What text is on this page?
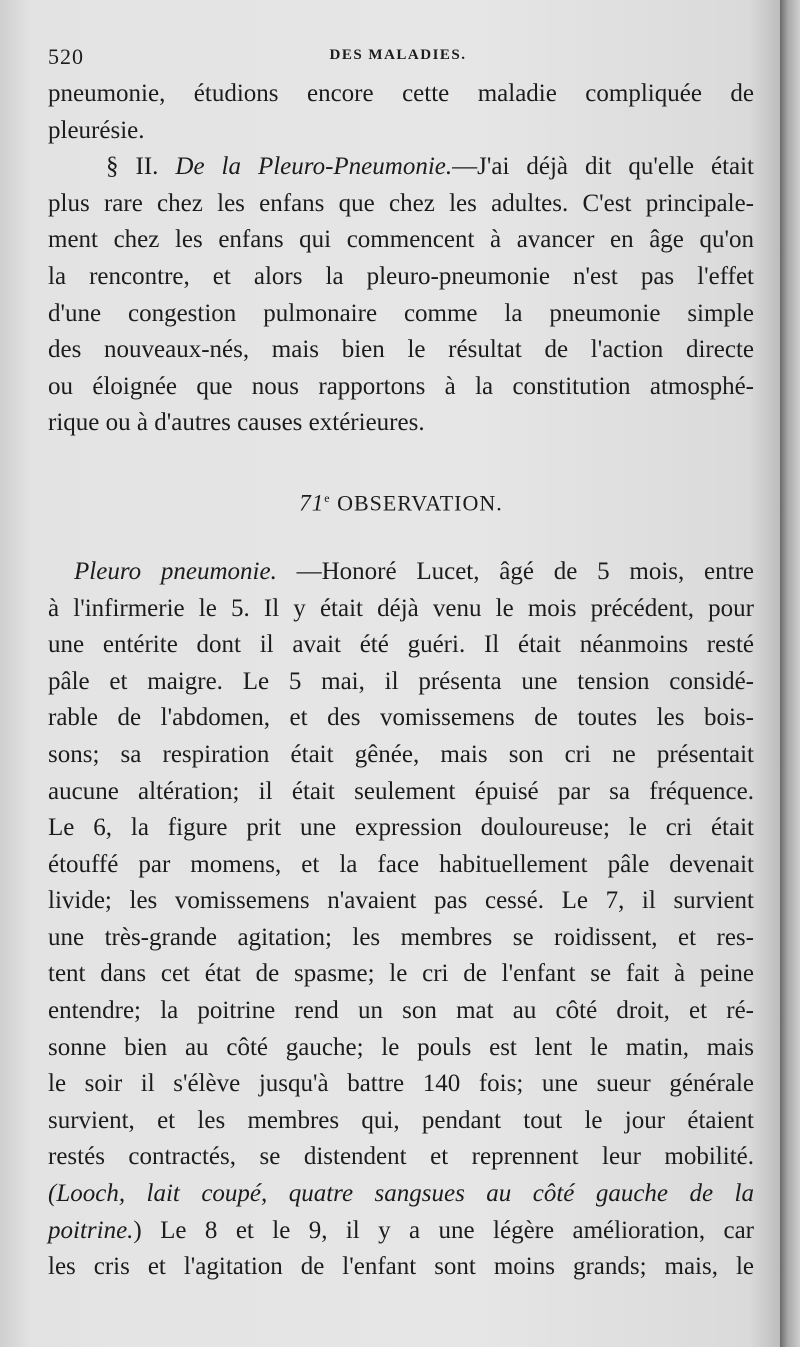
520	DES MALADIES.
pneumonie, étudions encore cette maladie compliquée de
pleurésie.
§ II. De la Pleuro-Pneumonie.—J'ai déjà dit qu'elle était
plus rare chez les enfans que chez les adultes. C'est principale-
ment chez les enfans qui commencent à avancer en âge qu'on
la rencontre, et alors la pleuro-pneumonie n'est pas l'effet
d'une congestion pulmonaire comme la pneumonie simple
des nouveaux-nés, mais bien le résultat de l'action directe
ou éloignée que nous rapportons à la constitution atmosphé-
rique ou à d'autres causes extérieures.
71e OBSERVATION.
Pleuro pneumonie. —Honoré Lucet, âgé de 5 mois, entre
à l'infirmerie le 5. Il y était déjà venu le mois précédent, pour
une entérite dont il avait été guéri. Il était néanmoins resté
pâle et maigre. Le 5 mai, il présenta une tension considé-
rable de l'abdomen, et des vomissemens de toutes les bois-
sons; sa respiration était gênée, mais son cri ne présentait
aucune altération; il était seulement épuisé par sa fréquence.
Le 6, la figure prit une expression douloureuse; le cri était
étouffé par momens, et la face habituellement pâle devenait
livide; les vomissemens n'avaient pas cessé. Le 7, il survient
une très-grande agitation; les membres se roidissent, et res-
tent dans cet état de spasme; le cri de l'enfant se fait à peine
entendre; la poitrine rend un son mat au côté droit, et ré-
sonne bien au côté gauche; le pouls est lent le matin, mais
le soir il s'élève jusqu'à battre 140 fois; une sueur générale
survient, et les membres qui, pendant tout le jour étaient
restés contractés, se distendent et reprennent leur mobilité.
(Looch, lait coupé, quatre sangsues au côté gauche de la
poitrine.) Le 8 et le 9, il y a une légère amélioration, car
les cris et l'agitation de l'enfant sont moins grands; mais, le
